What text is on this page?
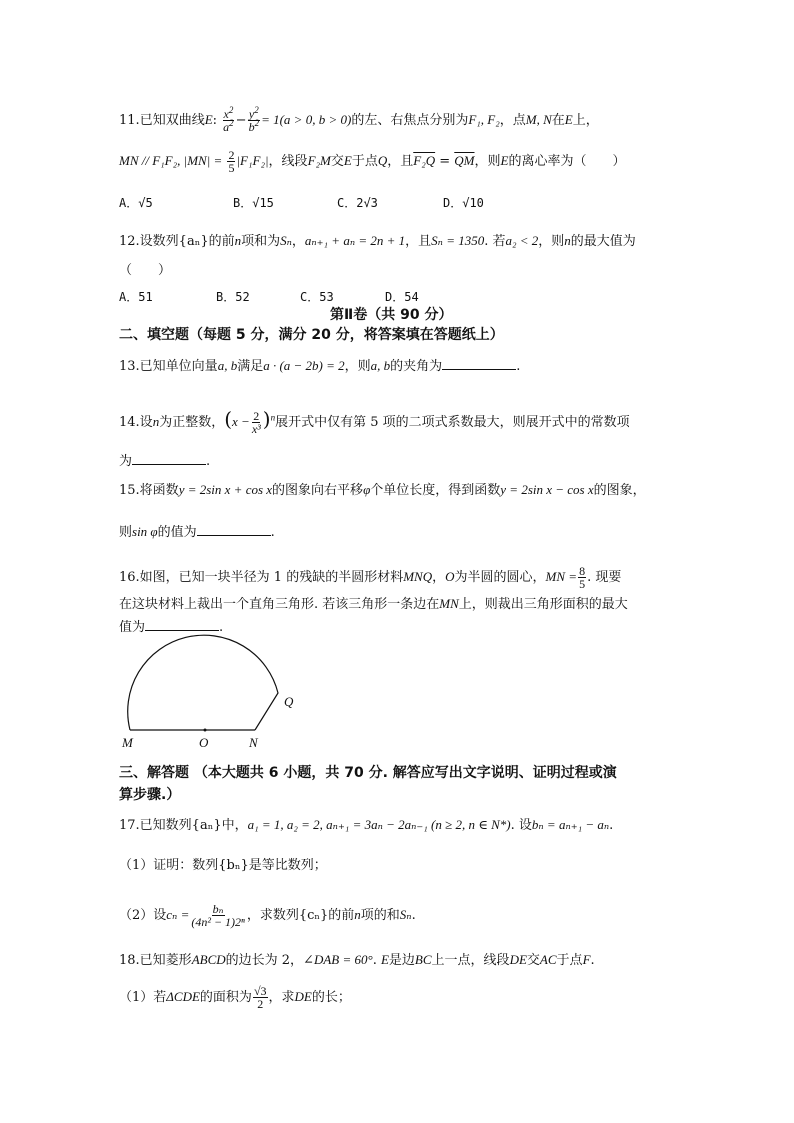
11.已知双曲线E: $\frac{x^2}{a^2} - \frac{y^2}{b^2} = 1(a > 0$, b > 0)的左、右焦点分别为F₁, F₂，点M, N在E上，
MN // F₁F₂, $|MN| = \frac{2}{5} |F_1F_2|$，线段F₂M交E于点Q，且$F_2Q = \overline{QM}$，则E的离心率为（　　）
A．√5	B．√15	C．2√3	D．√10
12.设数列{aₙ}的前n项和为Sₙ，aₙ₊₁ + aₙ = 2n + 1，且Sₙ = 1350. 若a₂ < 2，则n的最大值为
（　　）
A．51	B．52	C．53	D．54
第Ⅱ卷（共 90 分）
二、填空题（每题 5 分，满分 20 分，将答案填在答题纸上）
13.已知单位向量a, b满足a · (a − 2b) = 2，则a, b的夹角为	.
14.设n为正整数，$(x - \frac{2}{\text{x³}} )^n$展开式中仅有第 5 项的二项式系数最大，则展开式中的常数项
为	.
15.将函数y = 2sin x + cos x的图象向右平移φ个单位长度，得到函数y = 2sin x − cos x的图象，
则sin φ的值为	.
16.如图，已知一块半径为 1 的残缺的半圆形材料MNQ，O为半圆的圆心，MN = $\frac{8}{5}$ . 现要
在这块材料上裁出一个直角三角形. 若该三角形一条边在MN上，则裁出三角形面积的最大
值为	.
M	O	N
Q
三、解答题 （本大题共 6 小题，共 70 分. 解答应写出文字说明、证明过程或演
算步骤.）
17.已知数列{aₙ}中，a₁ = 1, a₂ = 2, aₙ₊₁ = 3aₙ − 2aₙ₋₁ (n ≥ 2, n ∈ N*). 设bₙ = aₙ₊₁ − aₙ.
（1）证明：数列{bₙ}是等比数列；
（2）设$c_n = \frac{\text{bₙ}}{\text{(4n² − 1)2ⁿ}}$ ，求数列{cₙ}的前n项的和Sₙ.
18.已知菱形ABCD的边长为 2，∠DAB = 60°. E是边BC上一点，线段DE交AC于点F.
（1）若ΔCDE的面积为 $\frac{√3}{2}$ ，求DE的长；
